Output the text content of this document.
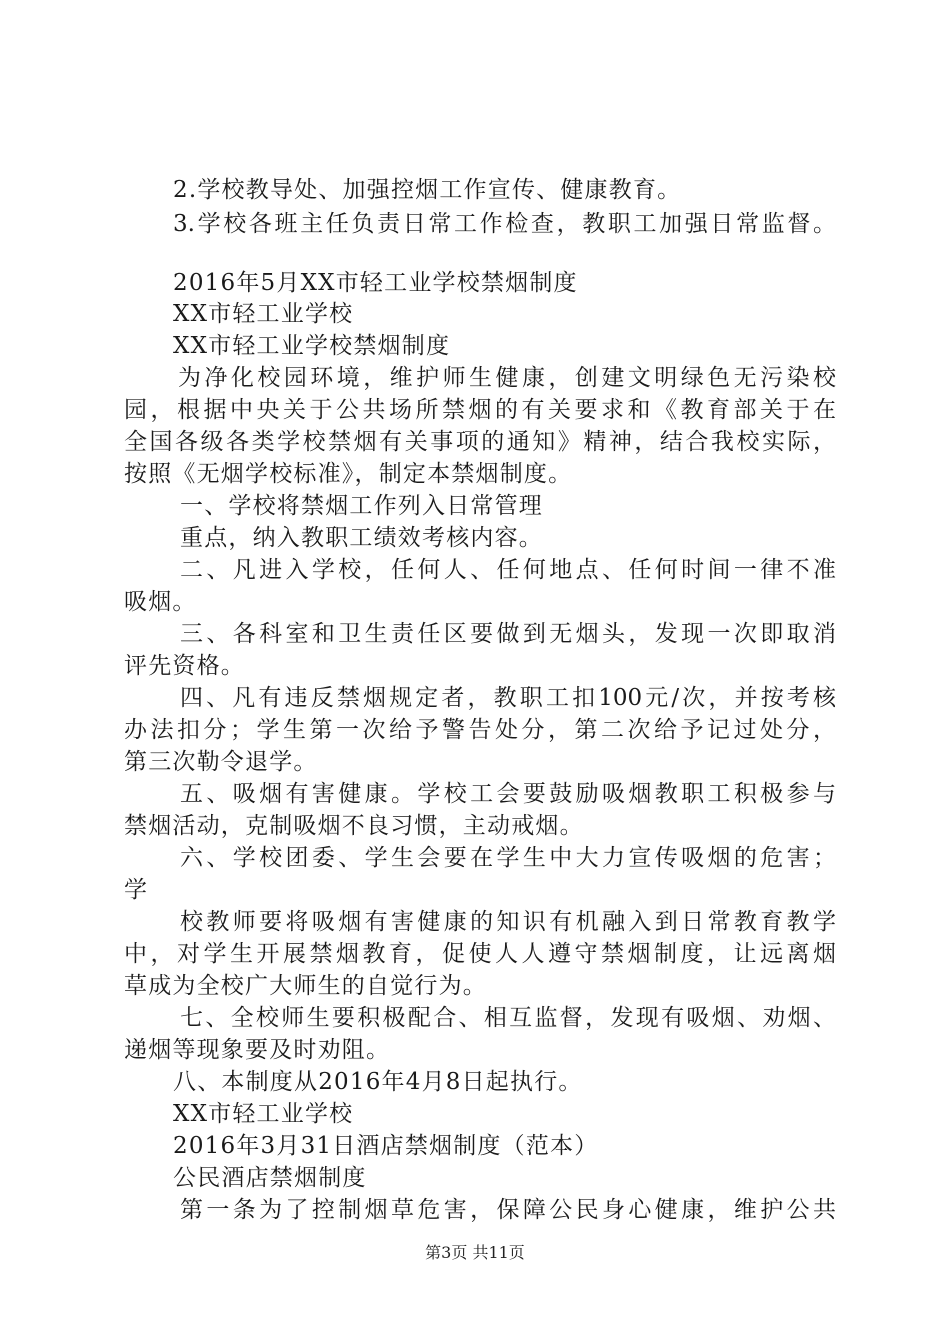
2.学校教导处、加强控烟工作宣传、健康教育。
3.学校各班主任负责日常工作检查，教职工加强日常监督。
2016年5月XX市轻工业学校禁烟制度
XX市轻工业学校
XX市轻工业学校禁烟制度
为净化校园环境，维护师生健康，创建文明绿色无污染校
园，根据中央关于公共场所禁烟的有关要求和《教育部关于在
全国各级各类学校禁烟有关事项的通知》精神，结合我校实际，
按照《无烟学校标准》，制定本禁烟制度。
一、学校将禁烟工作列入日常管理
重点，纳入教职工绩效考核内容。
二、凡进入学校，任何人、任何地点、任何时间一律不准
吸烟。
三、各科室和卫生责任区要做到无烟头，发现一次即取消
评先资格。
四、凡有违反禁烟规定者，教职工扣100元/次，并按考核
办法扣分；学生第一次给予警告处分，第二次给予记过处分，
第三次勒令退学。
五、吸烟有害健康。学校工会要鼓励吸烟教职工积极参与
禁烟活动，克制吸烟不良习惯，主动戒烟。
六、学校团委、学生会要在学生中大力宣传吸烟的危害；
学
校教师要将吸烟有害健康的知识有机融入到日常教育教学
中，对学生开展禁烟教育，促使人人遵守禁烟制度，让远离烟
草成为全校广大师生的自觉行为。
七、全校师生要积极配合、相互监督，发现有吸烟、劝烟、
递烟等现象要及时劝阻。
八、本制度从2016年4月8日起执行。
XX市轻工业学校
2016年3月31日酒店禁烟制度（范本）
公民酒店禁烟制度
第一条为了控制烟草危害，保障公民身心健康，维护公共
第3页 共11页
